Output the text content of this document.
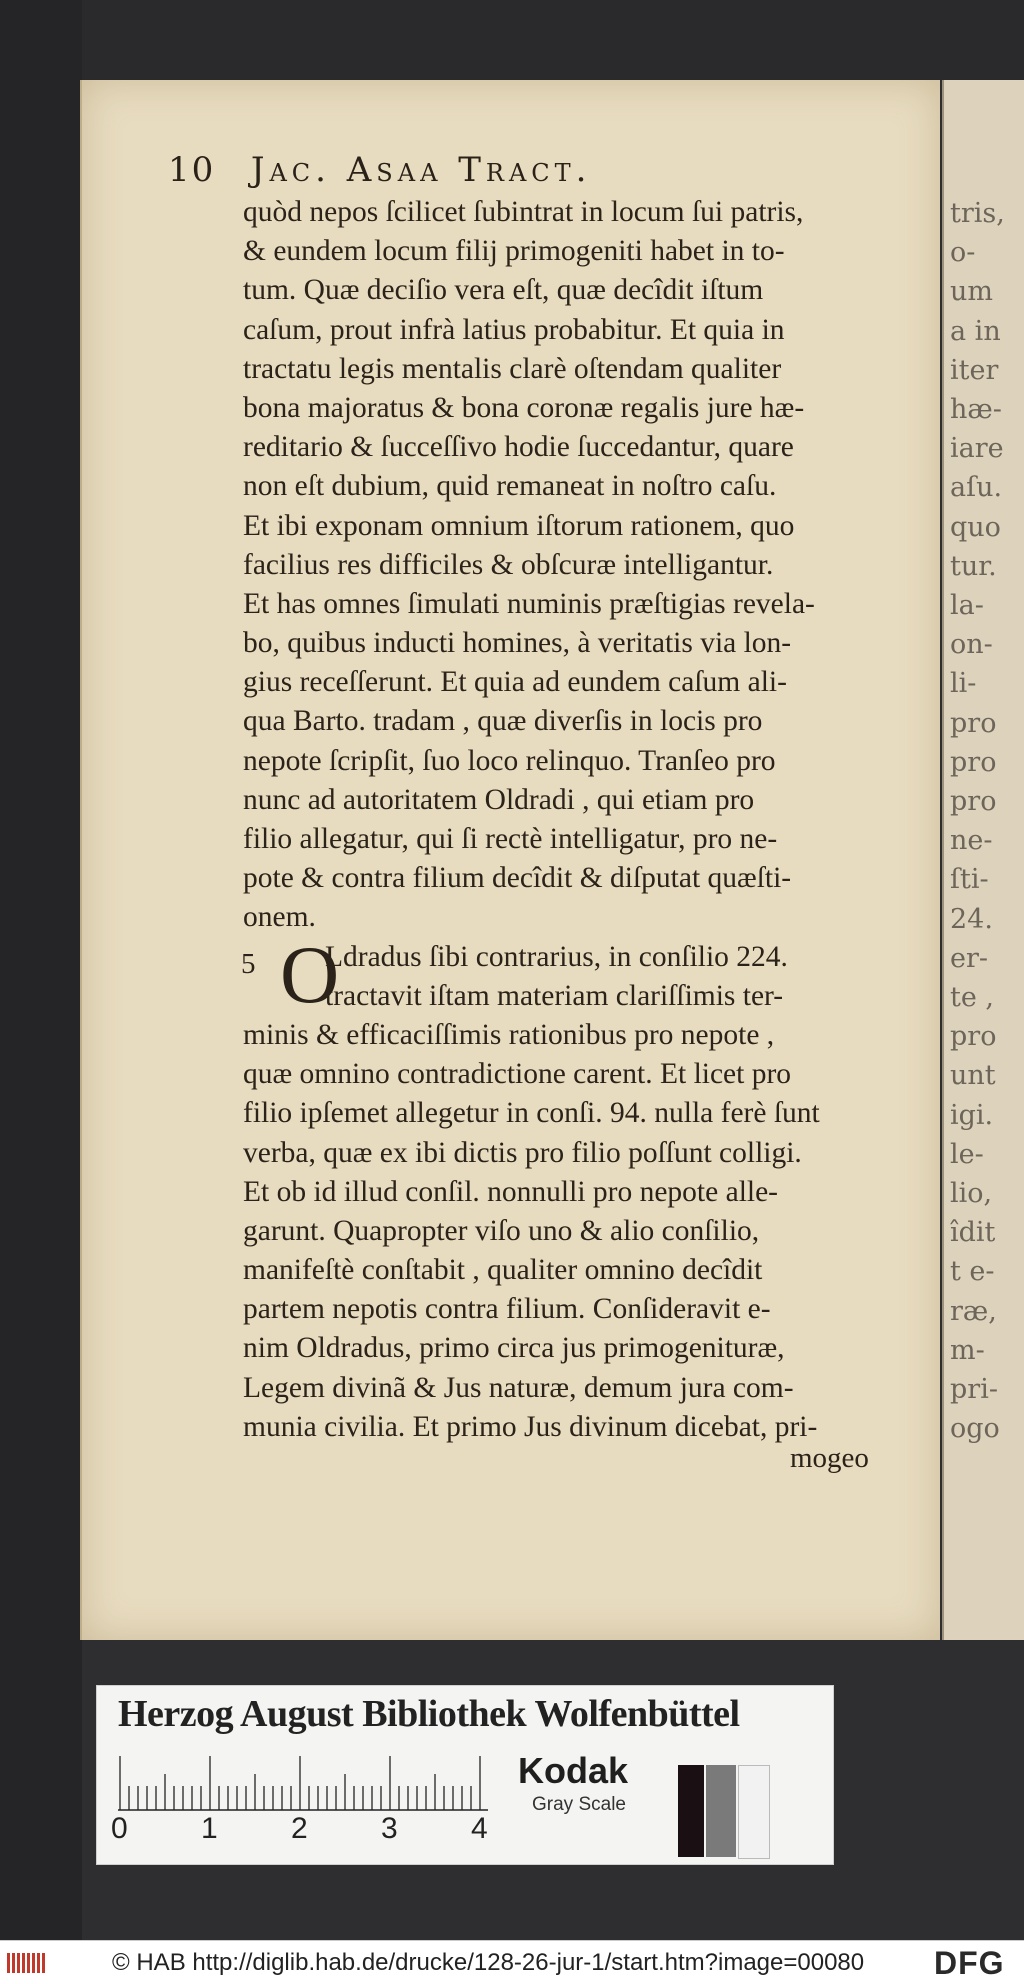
tris,
o-
um
a in
iter
hæ-
iare
aſu.
quo
tur.
la-
on-
li-
pro
pro
pro
ne-
ſti-
24.
er-
te ,
pro
unt
igi.
le-
lio,
îdit
t e-
ræ,
m-
pri-
ogo
10 Jac. Asaa Tract.
quòd nepos ſcilicet ſubintrat in locum ſui patris,
& eundem locum filij primogeniti habet in to-
tum. Quæ deciſio vera eſt, quæ decîdit iſtum
caſum, prout infrà latius probabitur. Et quia in
tractatu legis mentalis clarè oſtendam qualiter
bona majoratus & bona coronæ regalis jure hæ-
reditario & ſucceſſivo hodie ſuccedantur, quare
non eſt dubium, quid remaneat in noſtro caſu.
Et ibi exponam omnium iſtorum rationem, quo
facilius res difficiles & obſcuræ intelligantur.
Et has omnes ſimulati numinis præſtigias revela-
bo, quibus inducti homines, à veritatis via lon-
gius receſſerunt. Et quia ad eundem caſum ali-
qua Barto. tradam , quæ diverſis in locis pro
nepote ſcripſit, ſuo loco relinquo. Tranſeo pro
nunc ad autoritatem Oldradi , qui etiam pro
filio allegatur, qui ſi rectè intelligatur, pro ne-
pote & contra filium decîdit & diſputat quæſti-
onem.
Ldradus ſibi contrarius, in conſilio 224.
tractavit iſtam materiam clariſſimis ter-
minis & efficaciſſimis rationibus pro nepote ,
quæ omnino contradictione carent. Et licet pro
filio ipſemet allegetur in conſi. 94. nulla ferè ſunt
verba, quæ ex ibi dictis pro filio poſſunt colligi.
Et ob id illud conſil. nonnulli pro nepote alle-
garunt. Quapropter viſo uno & alio conſilio,
manifeſtè conſtabit , qualiter omnino decîdit
partem nepotis contra filium. Conſideravit e-
nim Oldradus, primo circa jus primogenituræ,
Legem divinã & Jus naturæ, demum jura com-
munia civilia. Et primo Jus divinum dicebat, pri-
5 O
mogeo
Herzog August Bibliothek Wolfenbüttel
0 1 2 3 4
Kodak
Gray Scale
© HAB http://diglib.hab.de/drucke/128-26-jur-1/start.htm?image=00080 DFG
